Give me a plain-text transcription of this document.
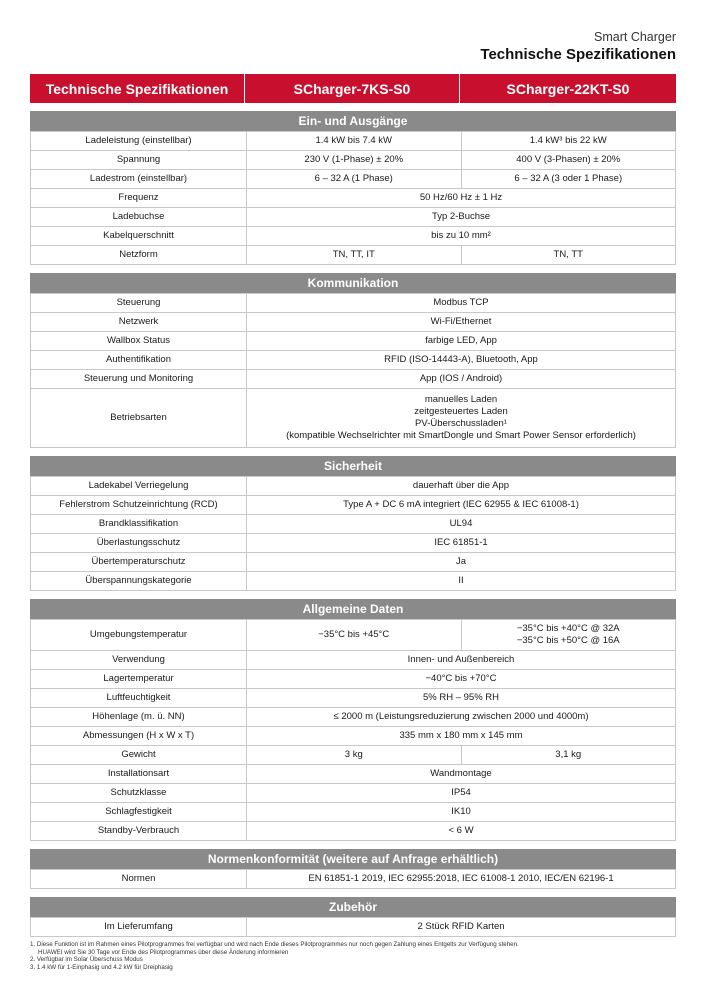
Smart Charger
Technische Spezifikationen
Technische Spezifikationen	SCharger-7KS-S0	SCharger-22KT-S0
Ein- und Ausgänge
Ladeleistung (einstellbar)	1.4 kW bis 7.4 kW	1.4 kW³ bis 22 kW
Spannung	230 V (1-Phase) ± 20%	400 V (3-Phasen) ± 20%
Ladestrom (einstellbar)	6 – 32 A (1 Phase)	6 – 32 A (3 oder 1 Phase)
Frequenz	50 Hz/60 Hz ± 1 Hz	
Ladebuchse	Typ 2-Buchse	
Kabelquerschnitt	bis zu 10 mm²	
Netzform	TN, TT, IT	TN, TT
Kommunikation
Steuerung	Modbus TCP
Netzwerk	Wi-Fi/Ethernet
Wallbox Status	farbige LED, App
Authentifikation	RFID (ISO-14443-A), Bluetooth, App
Steuerung und Monitoring	App (IOS / Android)
Betriebsarten	manuelles Laden
zeitgesteuertes Laden
PV-Überschussladen¹
(kompatible Wechselrichter mit SmartDongle und Smart Power Sensor erforderlich)
Sicherheit
Ladekabel Verriegelung	dauerhaft über die App
Fehlerstrom Schutzeinrichtung (RCD)	Type A + DC 6 mA integriert (IEC 62955 & IEC 61008-1)
Brandklassifikation	UL94
Überlastungsschutz	IEC 61851-1
Übertemperaturschutz	Ja
Überspannungskategorie	II
Allgemeine Daten
Umgebungstemperatur	−35°C bis +45°C	−35°C bis +40°C @ 32A
−35°C bis +50°C @ 16A

Verwendung	Innen- und Außenbereich	
Lagertemperatur	−40°C bis +70°C	
Luftfeuchtigkeit	5% RH – 95% RH	
Höhenlage (m. ü. NN)	≤ 2000 m (Leistungsreduzierung zwischen 2000 und 4000m)	
Abmessungen (H x W x T)	335 mm x 180 mm x 145 mm	
Gewicht	3 kg	3,1 kg
Installationsart	Wandmontage	
Schutzklasse	IP54	
Schlagfestigkeit	IK10	
Standby-Verbrauch	< 6 W	
Normenkonformität (weitere auf Anfrage erhältlich)
Normen	EN 61851-1 2019, IEC 62955:2018, IEC 61008-1 2010, IEC/EN 62196-1
Zubehör
Im Lieferumfang	2 Stück RFID Karten
1. Diese Funktion ist im Rahmen eines Pilotprogrammes frei verfügbar und wird nach Ende dieses Pilotprogrammes nur noch gegen Zahlung eines Entgelts zur Verfügung stehen.
HUAWEI wird Sie 30 Tage vor Ende des Pilotprogrammes über diese Änderung informieren
2. Verfügbar im Solar Überschuss Modus
3. 1.4 kW für 1-Einphasig und 4.2 kW für Dreiphasig
